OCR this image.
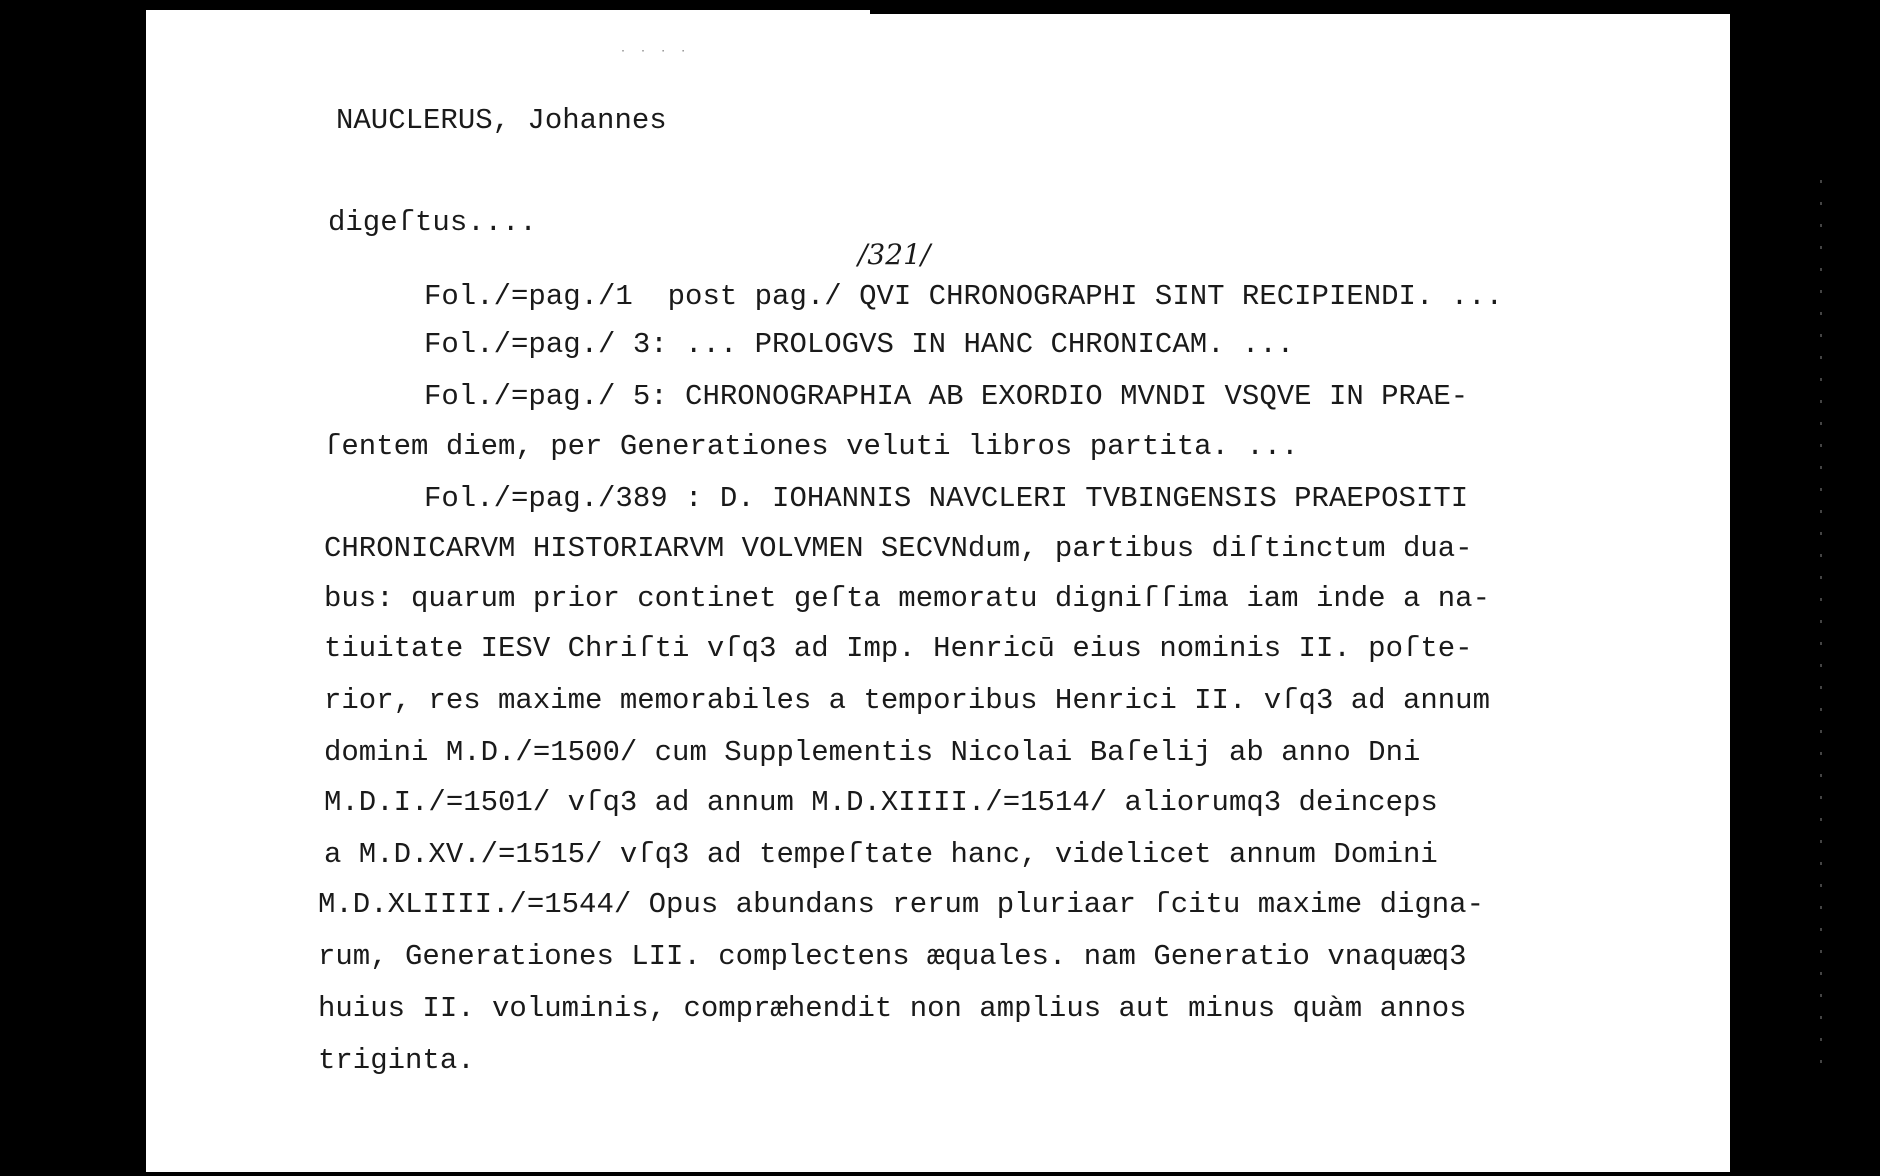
· · · ·
NAUCLERUS, Johannes
/321/
digeſtus....
Fol./=pag./1  post pag./ QVI CHRONOGRAPHI SINT RECIPIENDI. ...
Fol./=pag./ 3: ... PROLOGVS IN HANC CHRONICAM. ...
Fol./=pag./ 5: CHRONOGRAPHIA AB EXORDIO MVNDI VSQVE IN PRAE-
ſentem diem, per Generationes veluti libros partita. ...
Fol./=pag./389 : D. IOHANNIS NAVCLERI TVBINGENSIS PRAEPOSITI
CHRONICARVM HISTORIARVM VOLVMEN SECVNdum, partibus diſtinctum dua-
bus: quarum prior continet geſta memoratu digniſſima iam inde a na-
tiuitate IESV Chriſti vſq3 ad Imp. Henricū eius nominis II. poſte-
rior, res maxime memorabiles a temporibus Henrici II. vſq3 ad annum
domini M.D./=1500/ cum Supplementis Nicolai Baſelij ab anno Dni
M.D.I./=1501/ vſq3 ad annum M.D.XIIII./=1514/ aliorumq3 deinceps
a M.D.XV./=1515/ vſq3 ad tempeſtate hanc, videlicet annum Domini
M.D.XLIIII./=1544/ Opus abundans rerum pluriaar ſcitu maxime digna-
rum, Generationes LII. complectens æquales. nam Generatio vnaquæq3
huius II. voluminis, compræhendit non amplius aut minus quàm annos
triginta.
